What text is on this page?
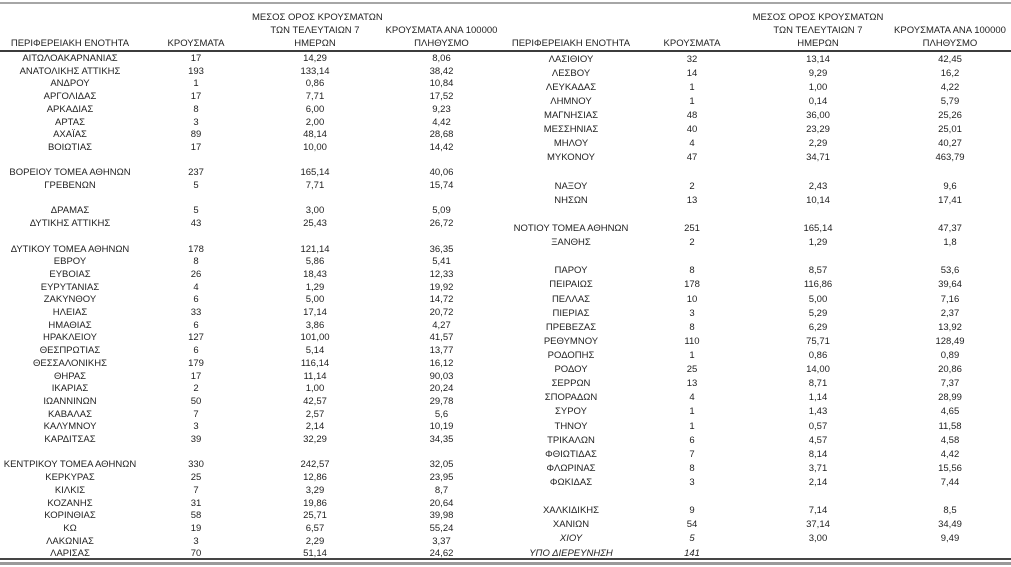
ΠΕΡΙΦΕΡΕΙΑΚΗ ΕΝΟΤΗΤΑ	ΚΡΟΥΣΜΑΤΑ	ΜΕΣΟΣ ΟΡΟΣ ΚΡΟΥΣΜΑΤΩΝ
ΤΩΝ ΤΕΛΕΥΤΑΙΩΝ 7
ΗΜΕΡΩΝ	ΚΡΟΥΣΜΑΤΑ ΑΝΑ 100000
ΠΛΗΘΥΣΜΟ

ΑΙΤΩΛΟΑΚΑΡΝΑΝΙΑΣ	17	14,29	8,06
ΑΝΑΤΟΛΙΚΗΣ ΑΤΤΙΚΗΣ	193	133,14	38,42
ΑΝΔΡΟΥ	1	0,86	10,84
ΑΡΓΟΛΙΔΑΣ	17	7,71	17,52
ΑΡΚΑΔΙΑΣ	8	6,00	9,23
ΑΡΤΑΣ	3	2,00	4,42
ΑΧΑΪΑΣ	89	48,14	28,68
ΒΟΙΩΤΙΑΣ	17	10,00	14,42

ΒΟΡΕΙΟΥ ΤΟΜΕΑ ΑΘΗΝΩΝ	237	165,14	40,06
ΓΡΕΒΕΝΩΝ	5	7,71	15,74

ΔΡΑΜΑΣ	5	3,00	5,09
ΔΥΤΙΚΗΣ ΑΤΤΙΚΗΣ	43	25,43	26,72

ΔΥΤΙΚΟΥ ΤΟΜΕΑ ΑΘΗΝΩΝ	178	121,14	36,35
ΕΒΡΟΥ	8	5,86	5,41
ΕΥΒΟΙΑΣ	26	18,43	12,33
ΕΥΡΥΤΑΝΙΑΣ	4	1,29	19,92
ΖΑΚΥΝΘΟΥ	6	5,00	14,72
ΗΛΕΙΑΣ	33	17,14	20,72
ΗΜΑΘΙΑΣ	6	3,86	4,27
ΗΡΑΚΛΕΙΟΥ	127	101,00	41,57
ΘΕΣΠΡΩΤΙΑΣ	6	5,14	13,77
ΘΕΣΣΑΛΟΝΙΚΗΣ	179	116,14	16,12
ΘΗΡΑΣ	17	11,14	90,03
ΙΚΑΡΙΑΣ	2	1,00	20,24
ΙΩΑΝΝΙΝΩΝ	50	42,57	29,78
ΚΑΒΑΛΑΣ	7	2,57	5,6
ΚΑΛΥΜΝΟΥ	3	2,14	10,19
ΚΑΡΔΙΤΣΑΣ	39	32,29	34,35

ΚΕΝΤΡΙΚΟΥ ΤΟΜΕΑ ΑΘΗΝΩΝ	330	242,57	32,05
ΚΕΡΚΥΡΑΣ	25	12,86	23,95
ΚΙΛΚΙΣ	7	3,29	8,7
ΚΟΖΑΝΗΣ	31	19,86	20,64
ΚΟΡΙΝΘΙΑΣ	58	25,71	39,98
ΚΩ	19	6,57	55,24
ΛΑΚΩΝΙΑΣ	3	2,29	3,37
ΛΑΡΙΣΑΣ	70	51,14	24,62
ΠΕΡΙΦΕΡΕΙΑΚΗ ΕΝΟΤΗΤΑ	ΚΡΟΥΣΜΑΤΑ	ΜΕΣΟΣ ΟΡΟΣ ΚΡΟΥΣΜΑΤΩΝ
ΤΩΝ ΤΕΛΕΥΤΑΙΩΝ 7
ΗΜΕΡΩΝ	ΚΡΟΥΣΜΑΤΑ ΑΝΑ 100000
ΠΛΗΘΥΣΜΟ

ΛΑΣΙΘΙΟΥ	32	13,14	42,45
ΛΕΣΒΟΥ	14	9,29	16,2
ΛΕΥΚΑΔΑΣ	1	1,00	4,22
ΛΗΜΝΟΥ	1	0,14	5,79
ΜΑΓΝΗΣΙΑΣ	48	36,00	25,26
ΜΕΣΣΗΝΙΑΣ	40	23,29	25,01
ΜΗΛΟΥ	4	2,29	40,27
ΜΥΚΟΝΟΥ	47	34,71	463,79

ΝΑΞΟΥ	2	2,43	9,6
ΝΗΣΩΝ	13	10,14	17,41

ΝΟΤΙΟΥ ΤΟΜΕΑ ΑΘΗΝΩΝ	251	165,14	47,37
ΞΑΝΘΗΣ	2	1,29	1,8

ΠΑΡΟΥ	8	8,57	53,6
ΠΕΙΡΑΙΩΣ	178	116,86	39,64
ΠΕΛΛΑΣ	10	5,00	7,16
ΠΙΕΡΙΑΣ	3	5,29	2,37
ΠΡΕΒΕΖΑΣ	8	6,29	13,92
ΡΕΘΥΜΝΟΥ	110	75,71	128,49
ΡΟΔΟΠΗΣ	1	0,86	0,89
ΡΟΔΟΥ	25	14,00	20,86
ΣΕΡΡΩΝ	13	8,71	7,37
ΣΠΟΡΑΔΩΝ	4	1,14	28,99
ΣΥΡΟΥ	1	1,43	4,65
ΤΗΝΟΥ	1	0,57	11,58
ΤΡΙΚΑΛΩΝ	6	4,57	4,58
ΦΘΙΩΤΙΔΑΣ	7	8,14	4,42
ΦΛΩΡΙΝΑΣ	8	3,71	15,56
ΦΩΚΙΔΑΣ	3	2,14	7,44

ΧΑΛΚΙΔΙΚΗΣ	9	7,14	8,5
ΧΑΝΙΩΝ	54	37,14	34,49
ΧΙΟΥ	5	3,00	9,49
ΥΠΟ ΔΙΕΡΕΥΝΗΣΗ	141		
